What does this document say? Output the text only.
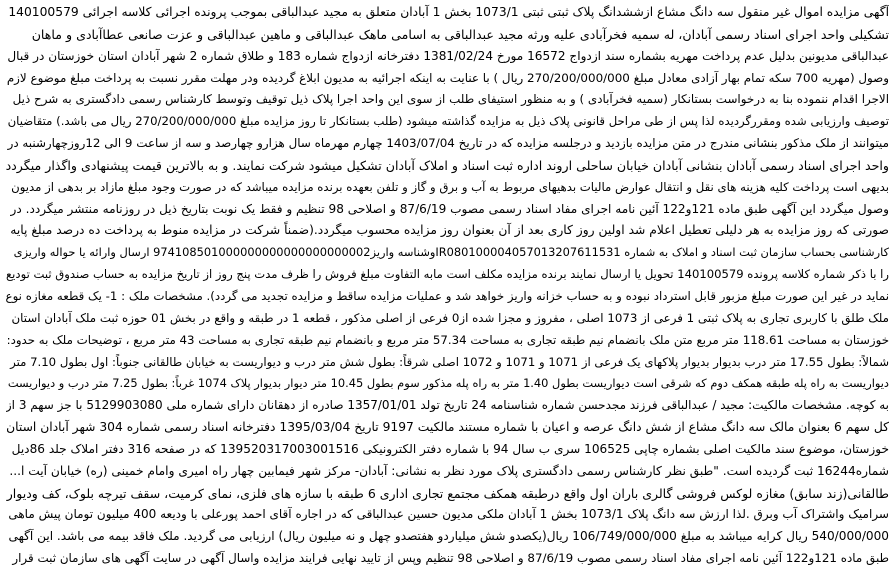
آگهی مزایده اموال غیر منقول سه دانگ مشاع ازششدانگ پلاک ثبتی ثبتی 1073/1 بخش 1 آبادان متعلق به مجید عبدالباقی بموجب پرونده اجرائی کلاسه اجرائی 140100579
تشکیلی واحد اجرای اسناد رسمی آبادان، له سمیه فخرآبادی علیه ورثه مجید عبدالباقی به اسامی ماهک عبدالباقی و ماهین عبدالباقی و عزت صانعی عطاآبادی و ماهان
عبدالباقی مدیونین بدلیل عدم پرداخت مهریه بشماره سند ازدواج 16572 مورخ 1381/02/24 دفترخانه ازدواج شماره 183 و طلاق شماره 2 شهر آبادان استان خوزستان در قبال
وصول (مهریه 700 سکه تمام بهار آزادی معادل مبلغ 270/200/000/000 ریال ) با عنایت به اینکه اجرائیه به مدیون ابلاغ گردیده ودر مهلت مقرر نسبت به پرداخت مبلغ موضوع لازم
الاجرا اقدام ننموده بنا به درخواست بستانکار (سمیه فخرآبادی ) و به منظور استیفای طلب از سوی این واحد اجرا پلاک ذیل توقیف وتوسط کارشناس رسمی دادگستری به شرح ذیل
توصیف وارزیابی شده ومقررگردیده لذا پس از طی مراحل قانونی پلاک ذیل به مزایده گذاشته میشود (طلب بستانکار تا روز مزایده مبلغ 270/200/000/000 ریال می باشد.) متقاضیان
میتوانند از ملک مذکور بنشانی مندرج در متن مزایده بازدید و درجلسه مزایده که در تاریخ 1403/07/04 چهارم مهرماه سال هزارو چهارصد و سه از ساعت 9 الی 12روزچهارشنبه در
واحد اجرای اسناد رسمی آبادان بنشانی آبادان خیابان ساحلی اروند اداره ثبت اسناد و املاک آبادان تشکیل میشود شرکت نمایند. و به بالاترین قیمت پیشنهادی واگذار میگردد
بدیهی است پرداخت کلیه هزینه های نقل و انتقال عوارض مالیات بدهیهای مربوط به آب و برق و گاز و تلفن بعهده برنده مزایده میباشد که در صورت وجود مبلغ مازاد بر بدهی از مدیون
وصول میگردد این آگهی طبق ماده 121و122 آئین نامه اجرای مفاد اسناد رسمی مصوب 87/6/19 و اصلاحی 98 تنظیم و فقط یک نوبت بتاریخ ذیل در روزنامه منتشر میگردد. در
صورتی که روز مزایده به هر دلیلی تعطیل اعلام شد اولین روز کاری بعد از آن بعنوان روز مزایده محسوب میگردد.(ضمناً شرکت در مزایده منوط به پرداخت ده درصد مبلغ پایه
کارشناسی بحساب سازمان ثبت اسناد و املاک به شماره IR080100004057013207611531وشناسه واریز974108501000000000000000000002 ارسال وارائه یا حواله واریزی
را با ذکر شماره کلاسه پرونده 140100579 تحویل یا ارسال نمایند برنده مزایده مکلف است مابه التفاوت مبلغ فروش را ظرف مدت پنج روز از تاریخ مزایده به حساب صندوق ثبت تودیع
نماید در غیر این صورت مبلغ مزبور قابل استرداد نبوده و به حساب خزانه واریز خواهد شد و عملیات مزایده ساقط و مزایده تجدید می گردد). مشخصات ملک : 1- یک قطعه مغازه نوع
ملک طلق با کاربری تجاری به پلاک ثبتی 1 فرعی از 1073 اصلی ، مفروز و مجزا شده از0 فرعی از اصلی مذکور ، قطعه 1 در طبقه و واقع در بخش 01 حوزه ثبت ملک آبادان استان
خوزستان به مساحت 118.61 متر مربع متن ملک بانضمام نیم طبقه تجاری به مساحت 57.34 متر مربع و بانضمام نیم طبقه تجاری به مساحت 43 متر مربع ، توضیحات ملک به حدود:
شمالاً: بطول 17.55 متر درب بدیوار بدیوار پلاکهای یک فرعی از 1071 و 1071 و 1072 اصلی شرقاً: بطول شش متر درب و دیواریست به خیابان طالقانی جنوباً: اول بطول 7.10 متر
دیواریست به راه پله طبقه همکف دوم که شرقی است دیواریست بطول 1.40 متر به راه پله مذکور سوم بطول 10.45 متر دیوار بدیوار پلاک 1074 غرباً: بطول 7.25 متر درب و دیواریست
به کوچه. مشخصات مالکیت: مجید / عبدالباقی فرزند مجدحسن شماره شناسنامه 24 تاریخ تولد 1357/01/01 صادره از دهقانان دارای شماره ملی 5129903080 با جز سهم 3 از
کل سهم 6 بعنوان مالک سه دانگ مشاع از شش دانگ عرصه و اعیان با شماره مستند مالکیت 9197 تاریخ 1395/03/04 دفترخانه اسناد رسمی شماره 304 شهر آبادان استان
خوزستان، موضوع سند مالکیت اصلی بشماره چاپی 106525 سری ب سال 94 با شماره دفتر الکترونیکی 139520317003001516 که در صفحه 316 دفتر املاک جلد 86دیل
شماره16244 ثبت گردیده است. "طبق نظر کارشناس رسمی دادگستری پلاک مورد نظر به نشانی: آبادان- مرکز شهر فیمابین چهار راه امیری وامام خمینی (ره) خیابان آیت ا...
طالقانی(زند سابق) مغازه لوکس فروشی گالری باران اول واقع درطبقه همکف مجتمع تجاری اداری 6 طبقه با سازه های فلزی، نمای کرمیت، سقف تیرچه بلوک، کف ودیوار
سرامیک واشتراک آب وبرق .لذا ارزش سه دانگ پلاک 1073/1 بخش 1 آبادان ملکی مدیون حسین عبدالباقی که در اجاره آقای احمد پورعلی با ودیعه 400 میلیون تومان پیش ماهی
540/000/000 ریال کرایه میباشد به مبلغ 106/749/000/000 ریال(یکصدو شش میلیاردو هفتصدو چهل و نه میلیون ریال) ارزیابی می گردید. ملک فاقد بیمه می باشد. این آگهی
طبق ماده 121و122 آئین نامه اجرای مفاد اسناد رسمی مصوب 87/6/19 و اصلاحی 98 تنظیم وپس از تایید نهایی فرایند مزایده واسال آگهی در سایت آگهی های سازمان ثبت قرار
